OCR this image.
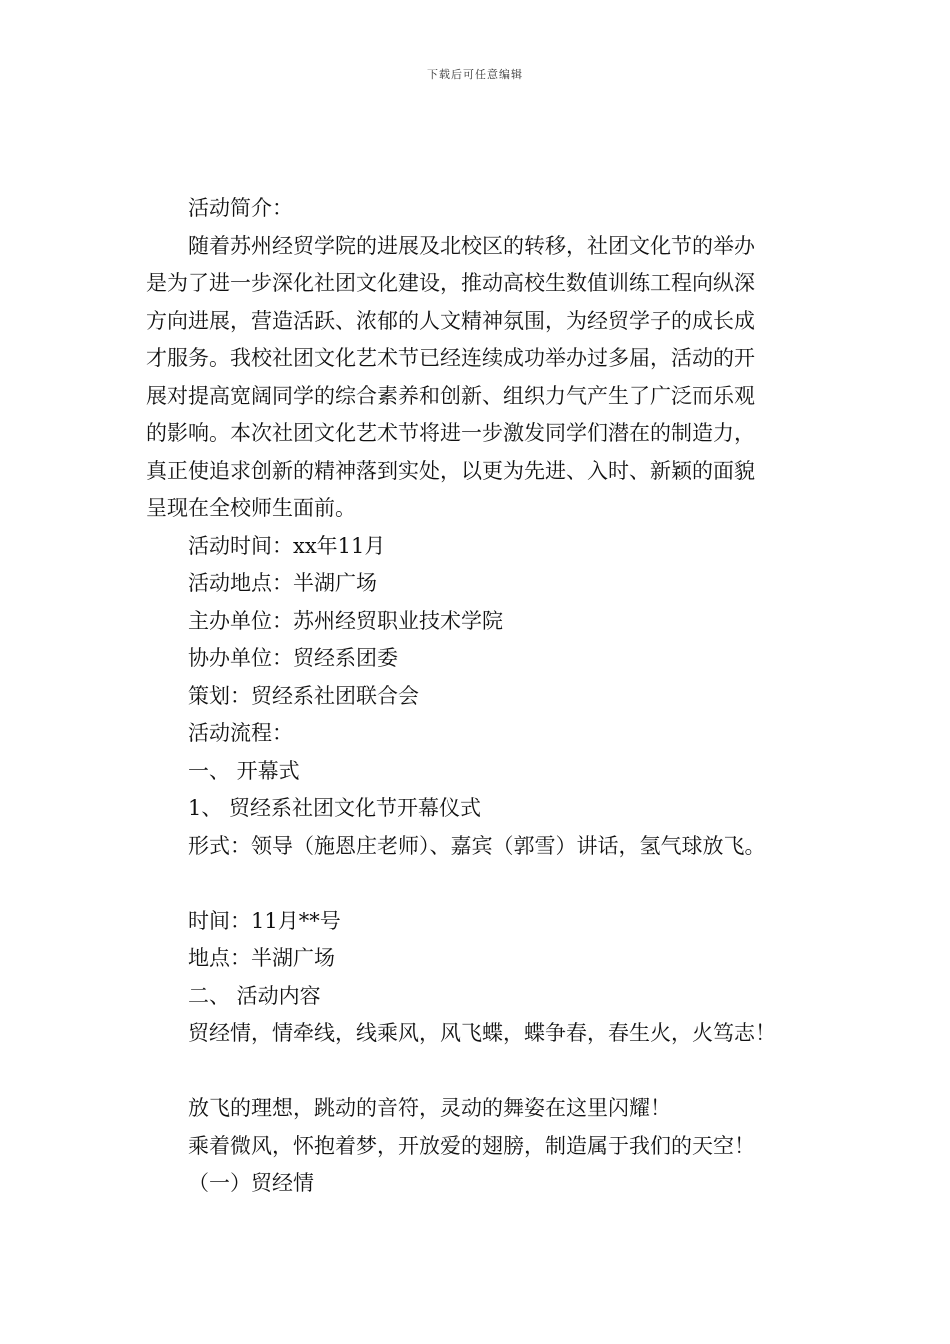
下载后可任意编辑
活动简介：
随着苏州经贸学院的进展及北校区的转移，社团文化节的举办
是为了进一步深化社团文化建设，推动高校生数值训练工程向纵深
方向进展，营造活跃、浓郁的人文精神氛围，为经贸学子的成长成
才服务。我校社团文化艺术节已经连续成功举办过多届，活动的开
展对提高宽阔同学的综合素养和创新、组织力气产生了广泛而乐观
的影响。本次社团文化艺术节将进一步激发同学们潜在的制造力，
真正使追求创新的精神落到实处，以更为先进、入时、新颖的面貌
呈现在全校师生面前。
活动时间：xx年11月
活动地点：半湖广场
主办单位：苏州经贸职业技术学院
协办单位：贸经系团委
策划：贸经系社团联合会
活动流程：
一、 开幕式
1、 贸经系社团文化节开幕仪式
形式：领导（施恩庄老师）、嘉宾（郭雪）讲话，氢气球放飞。
时间：11月**号
地点：半湖广场
二、 活动内容
贸经情，情牵线，线乘风，风飞蝶，蝶争春，春生火，火笃志！
放飞的理想，跳动的音符，灵动的舞姿在这里闪耀！
乘着微风，怀抱着梦，开放爱的翅膀，制造属于我们的天空！
（一）贸经情
